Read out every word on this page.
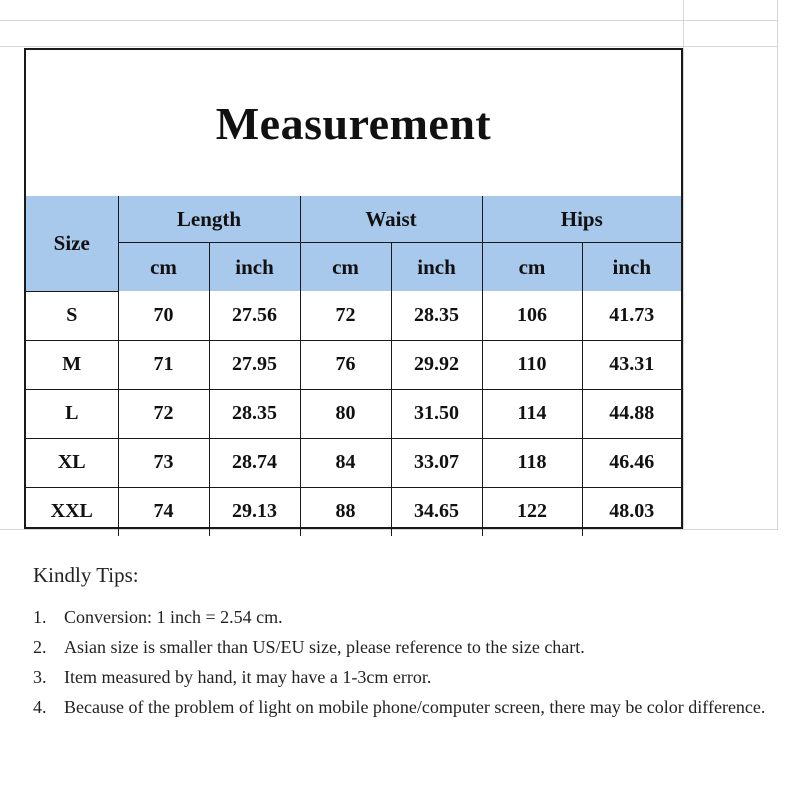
Measurement
Size	Length		Waist		Hips	
	cm	inch	cm	inch	cm	inch
S	70	27.56	72	28.35	106	41.73
M	71	27.95	76	29.92	110	43.31
L	72	28.35	80	31.50	114	44.88
XL	73	28.74	84	33.07	118	46.46
XXL	74	29.13	88	34.65	122	48.03
Kindly Tips:
1. Conversion: 1 inch = 2.54 cm.
2. Asian size is smaller than US/EU size, please reference to the size chart.
3. Item measured by hand, it may have a 1-3cm error.
4. Because of the problem of light on mobile phone/computer screen, there may be color difference.
